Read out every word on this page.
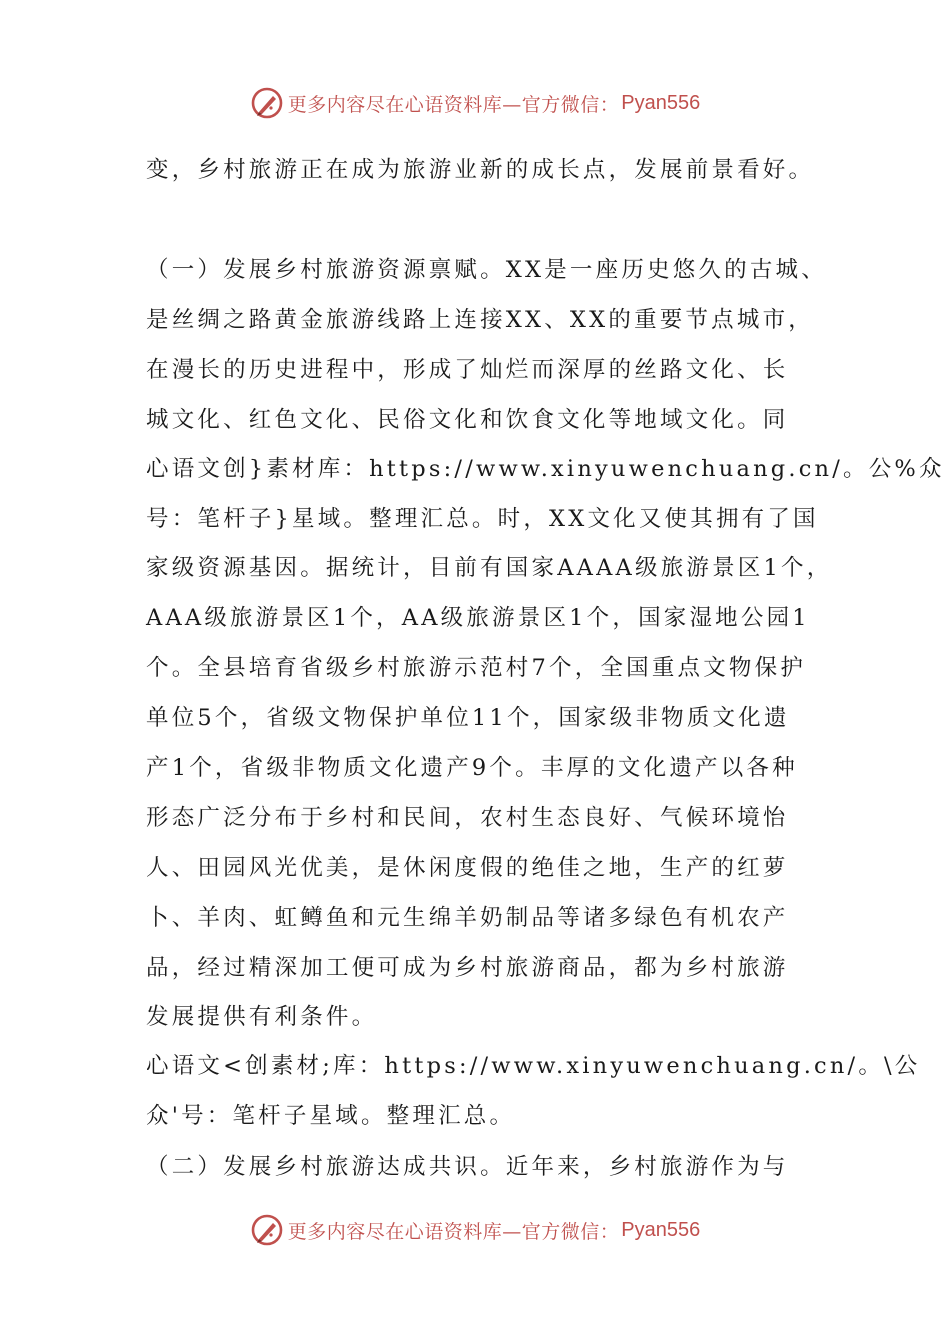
更多内容尽在心语资料库—官方微信： Pyan556
变，乡村旅游正在成为旅游业新的成长点，发展前景看好。
（一）发展乡村旅游资源禀赋。XX是一座历史悠久的古城、
是丝绸之路黄金旅游线路上连接XX、XX的重要节点城市，
在漫长的历史进程中，形成了灿烂而深厚的丝路文化、长
城文化、红色文化、民俗文化和饮食文化等地域文化。同
心语文创}素材库：https://www.xinyuwenchuang.cn/。公%众
号：笔杆子}星域。整理汇总。时，XX文化又使其拥有了国
家级资源基因。据统计，目前有国家AAAA级旅游景区1个，
AAA级旅游景区1个，AA级旅游景区1个，国家湿地公园1
个。全县培育省级乡村旅游示范村7个，全国重点文物保护
单位5个，省级文物保护单位11个，国家级非物质文化遗
产1个，省级非物质文化遗产9个。丰厚的文化遗产以各种
形态广泛分布于乡村和民间，农村生态良好、气候环境怡
人、田园风光优美，是休闲度假的绝佳之地，生产的红萝
卜、羊肉、虹鳟鱼和元生绵羊奶制品等诸多绿色有机农产
品，经过精深加工便可成为乡村旅游商品，都为乡村旅游
发展提供有利条件。
心语文<创素材;库：https://www.xinyuwenchuang.cn/。\公
众'号：笔杆子星域。整理汇总。
（二）发展乡村旅游达成共识。近年来，乡村旅游作为与
更多内容尽在心语资料库—官方微信： Pyan556
